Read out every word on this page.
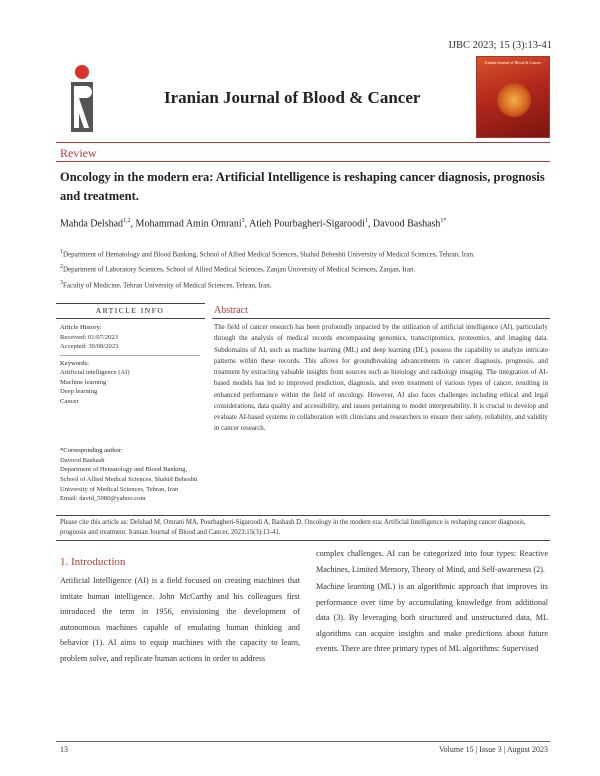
IJBC 2023; 15 (3):13-41
Iranian Journal of Blood & Cancer
Iranian Journal of Blood & Cancer
Review
Oncology in the modern era: Artificial Intelligence is reshaping cancer diagnosis, prognosis and treatment.
Mahda Delshad$^{1,2}$, Mohammad Amin Omrani$^3$, Atieh Pourbagheri-Sigaroodi$^1$, Davood Bashash$^{1*}$

$^1$Department of Hematology and Blood Banking, School of Allied Medical Sciences, Shahid Beheshti University of Medical Sciences, Tehran, Iran.

$^2$Department of Laboratory Sciences, School of Allied Medical Sciences, Zanjan University of Medical Sciences, Zanjan, Iran.

$^3$Faculty of Medicine, Tehran University of Medical Sciences, Tehran, Iran.

ARTICLE INFO
Article History:
Received: 01/07/2023
Accepted: 30/08/2023
Keywords:
Artificial intelligence (AI)
Machine learning
Deep learning
Cancer
*Corresponding author:
Davood Bashash
Department of Hematology and Blood Banking, School of Allied Medical Sciences, Shahid Beheshti University of Medical Sciences, Tehran, Iran
Email: david_5980@yahoo.com
Abstract
The field of cancer research has been profoundly impacted by the utilization of artificial intelligence (AI), particularly through the analysis of medical records encompassing genomics, transcriptomics, proteomics, and imaging data. Subdomains of AI, such as machine learning (ML) and deep learning (DL), possess the capability to analyze intricate patterns within these records. This allows for groundbreaking advancements in cancer diagnosis, prognosis, and treatment by extracting valuable insights from sources such as histology and radiology imaging. The integration of AI-based models has led to improved prediction, diagnosis, and even treatment of various types of cancer, resulting in enhanced performance within the field of oncology. However, AI also faces challenges including ethical and legal considerations, data quality and accessibility, and issues pertaining to model interpretability. It is crucial to develop and evaluate AI-based systems in collaboration with clinicians and researchers to ensure their safety, reliability, and validity in cancer research.
Please cite this article as: Delshad M, Omrani MA, Pourbagheri-Sigaroodi A, Bashash D. Oncology in the modern era: Artificial Intelligence is reshaping cancer diagnosis, prognosis and treatment. Iranian Journal of Blood and Cancer. 2023;15(3):13-41.
1. Introduction

Artificial Intelligence (AI) is a field focused on creating machines that imitate human intelligence. John McCarthy and his colleagues first introduced the term in 1956, envisioning the development of autonomous machines capable of emulating human thinking and behavior (1). AI aims to equip machines with the capacity to learn, problem solve, and replicate human actions in order to address

complex challenges. AI can be categorized into four types: Reactive Machines, Limited Memory, Theory of Mind, and Self-awareness (2).

Machine learning (ML) is an algorithmic approach that improves its performance over time by accumulating knowledge from additional data (3). By leveraging both structured and unstructured data, ML algorithms can acquire insights and make predictions about future events. There are three primary types of ML algorithms: Supervised

13	Volume 15 | Issue 3 | August 2023
